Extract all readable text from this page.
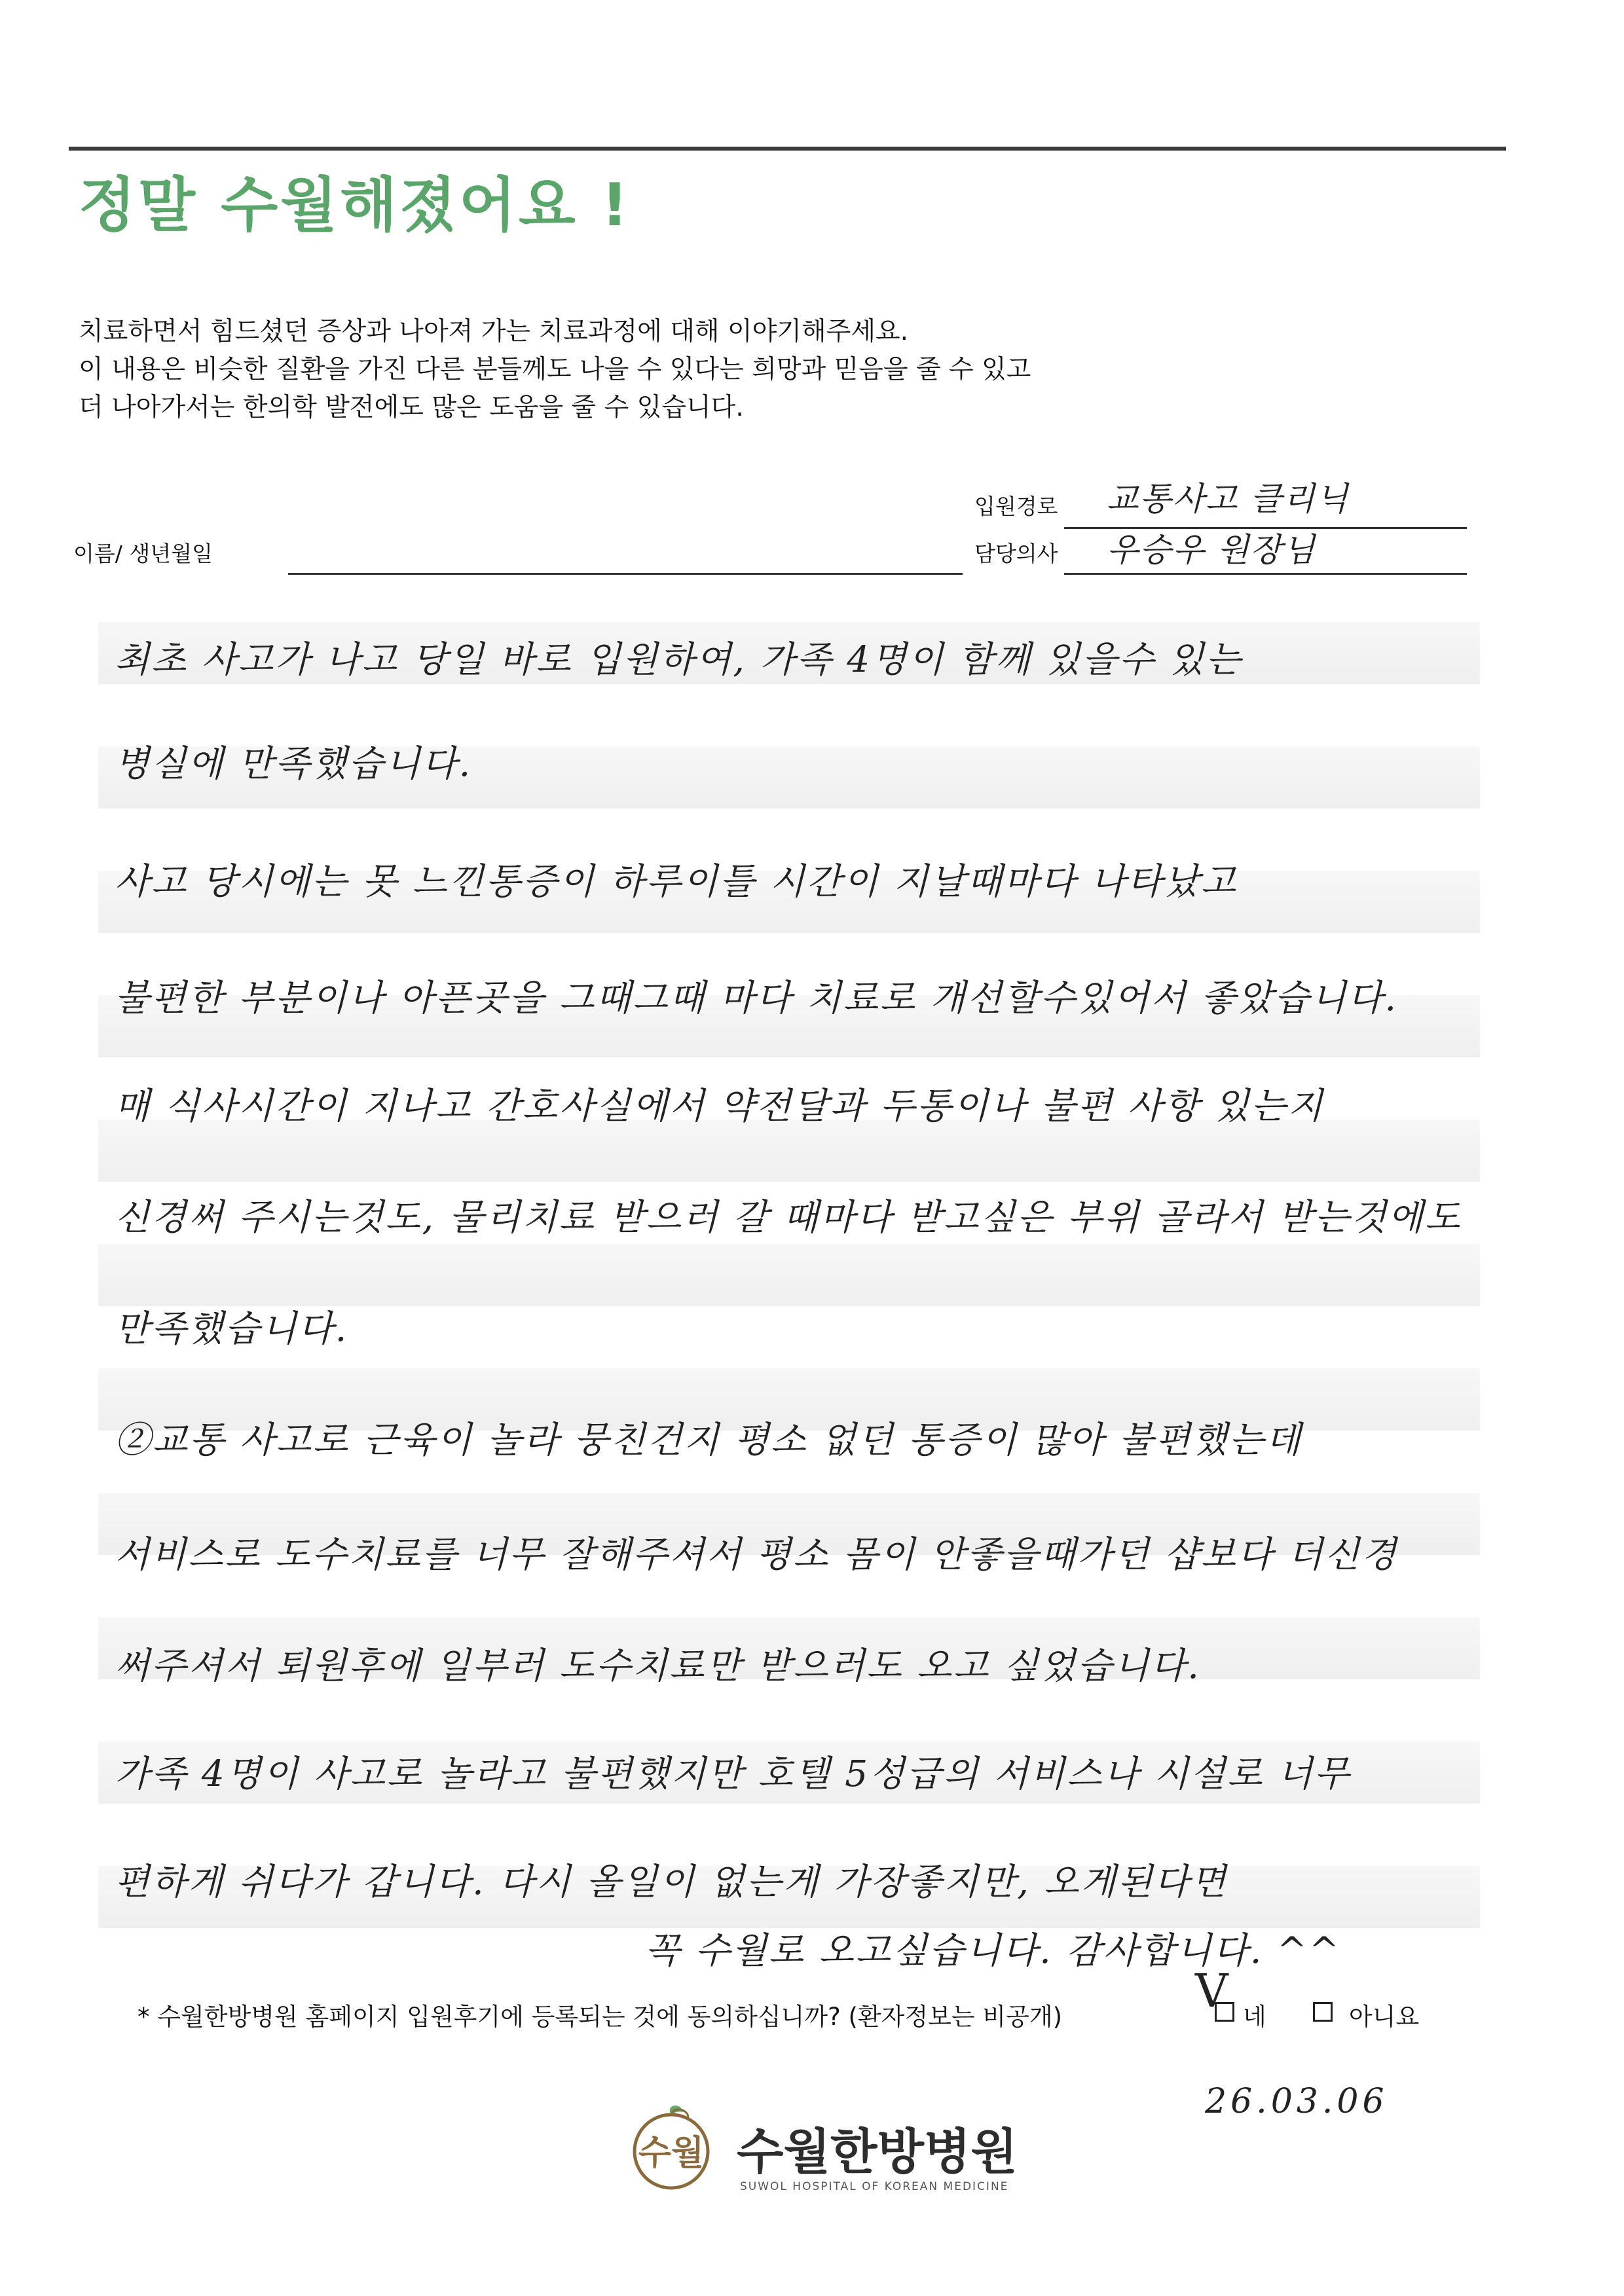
정말 수월해졌어요 !
치료하면서 힘드셨던 증상과 나아져 가는 치료과정에 대해 이야기해주세요.
이 내용은 비슷한 질환을 가진 다른 분들께도 나을 수 있다는 희망과 믿음을 줄 수 있고
더 나아가서는 한의학 발전에도 많은 도움을 줄 수 있습니다.
입원경로 교통사고 클리닉
이름/ 생년월일	담당의사 우승우 원장님
최초 사고가 나고 당일 바로 입원하여, 가족 4명이 함께 있을수 있는
병실에 만족했습니다.
사고 당시에는 못 느낀통증이 하루이틀 시간이 지날때마다 나타났고
불편한 부분이나 아픈곳을 그때그때 마다 치료로 개선할수있어서 좋았습니다.
매 식사시간이 지나고 간호사실에서 약전달과 두통이나 불편 사항 있는지
신경써 주시는것도, 물리치료 받으러 갈 때마다 받고싶은 부위 골라서 받는것에도
만족했습니다.
②교통 사고로 근육이 놀라 뭉친건지 평소 없던 통증이 많아 불편했는데
서비스로 도수치료를 너무 잘해주셔서 평소 몸이 안좋을때가던 샵보다 더신경
써주셔서 퇴원후에 일부러 도수치료만 받으러도 오고 싶었습니다.
가족 4명이 사고로 놀라고 불편했지만 호텔 5성급의 서비스나 시설로 너무
편하게 쉬다가 갑니다. 다시 올일이 없는게 가장좋지만, 오게된다면
꼭 수월로 오고싶습니다. 감사합니다. ^^
* 수월한방병원 홈페이지 입원후기에 등록되는 것에 동의하십니까? (환자정보는 비공개)	V 네	아니요
26.03.06
수월 수월한방병원
SUWOL HOSPITAL OF KOREAN MEDICINE
